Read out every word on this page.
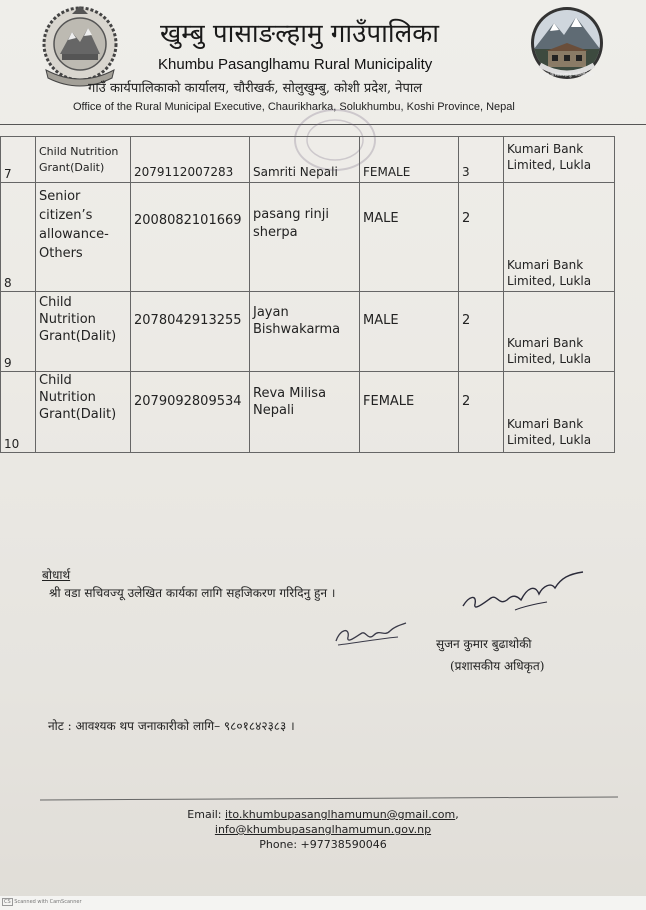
खुम्बु पासाङल्हामु गाउँपालिका
खुम्बु पासाङल्हामु गाउँपालिका
Khumbu Pasanglhamu Rural Municipality
गाउँ कार्यपालिकाको कार्यालय, चौरीखर्क, सोलुखुम्बु, कोशी प्रदेश, नेपाल
Office of the Rural Municipal Executive, Chaurikharka, Solukhumbu, Koshi Province, Nepal
7	Child Nutrition Grant(Dalit)	2079112007283	Samriti Nepali	FEMALE	3	Kumari Bank Limited, Lukla
8	Senior citizen’s allowance-Others	2008082101669	pasang rinji sherpa	MALE	2	Kumari Bank Limited, Lukla
9	Child Nutrition Grant(Dalit)	2078042913255	Jayan Bishwakarma	MALE	2	Kumari Bank Limited, Lukla
10	Child Nutrition Grant(Dalit)	2079092809534	Reva Milisa Nepali	FEMALE	2	Kumari Bank Limited, Lukla
बोधार्थ
श्री वडा सचिवज्यू उलेखित कार्यका लागि सहजिकरण गरिदिनु हुन ।
सुजन कुमार बुढाथोकी
(प्रशासकीय अधिकृत)
नोट : आवश्यक थप जनाकारीको लागि– ९८०१८४२३८३ ।
Email: ito.khumbupasanglhamumun@gmail.com,
info@khumbupasanglhamumun.gov.np
Phone: +97738590046
CS Scanned with CamScanner
